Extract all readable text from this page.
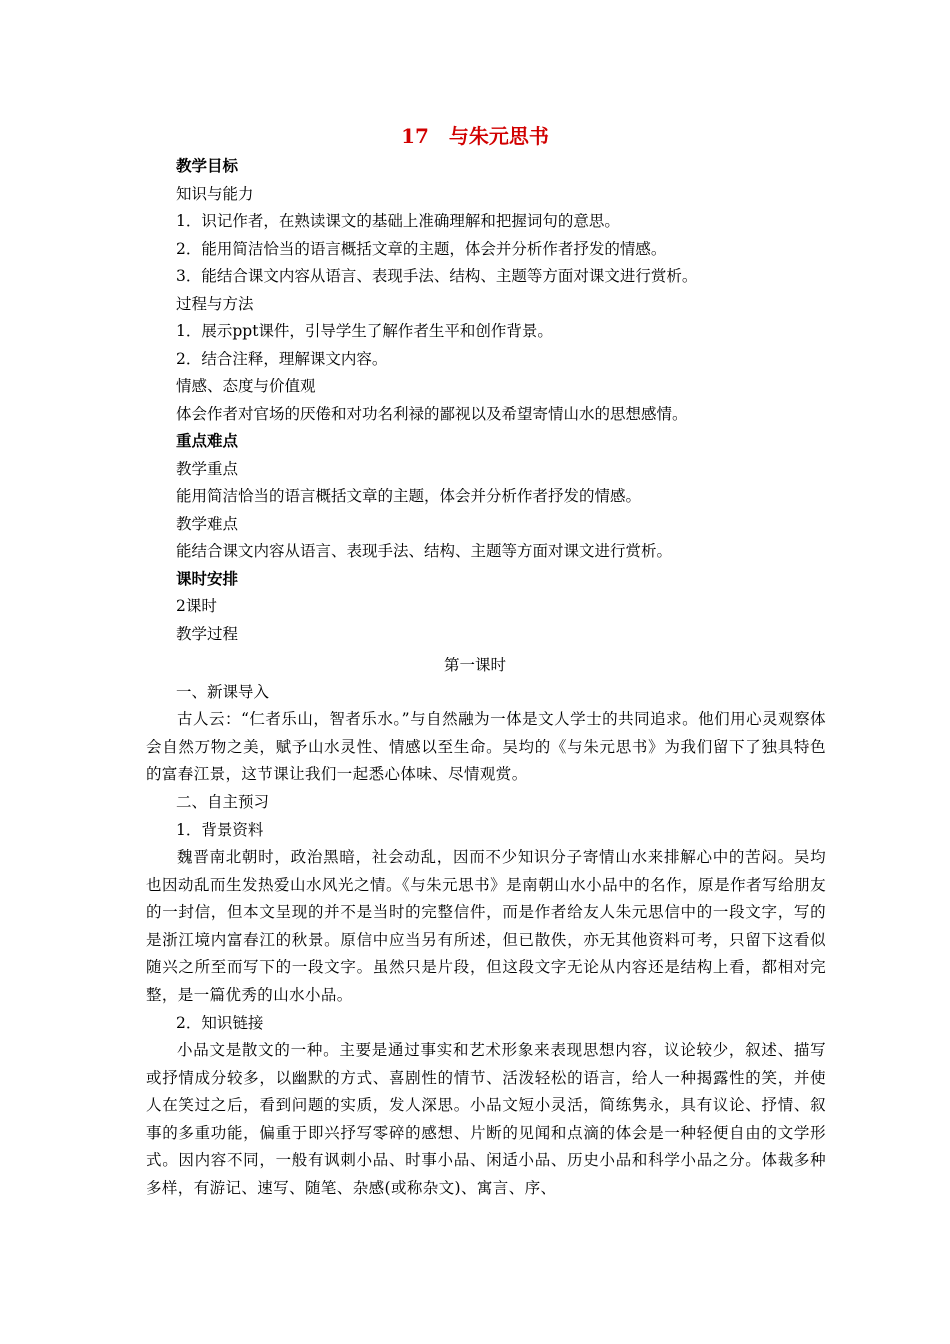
17　与朱元思书
教学目标
知识与能力
1．识记作者，在熟读课文的基础上准确理解和把握词句的意思。
2．能用简洁恰当的语言概括文章的主题，体会并分析作者抒发的情感。
3．能结合课文内容从语言、表现手法、结构、主题等方面对课文进行赏析。
过程与方法
1．展示ppt课件，引导学生了解作者生平和创作背景。
2．结合注释，理解课文内容。
情感、态度与价值观
体会作者对官场的厌倦和对功名利禄的鄙视以及希望寄情山水的思想感情。
重点难点
教学重点
能用简洁恰当的语言概括文章的主题，体会并分析作者抒发的情感。
教学难点
能结合课文内容从语言、表现手法、结构、主题等方面对课文进行赏析。
课时安排
2课时
教学过程
第一课时
一、新课导入
古人云：“仁者乐山，智者乐水。”与自然融为一体是文人学士的共同追求。他们用心灵观察体会自然万物之美，赋予山水灵性、情感以至生命。吴均的《与朱元思书》为我们留下了独具特色的富春江景，这节课让我们一起悉心体味、尽情观赏。
二、自主预习
1．背景资料
魏晋南北朝时，政治黑暗，社会动乱，因而不少知识分子寄情山水来排解心中的苦闷。吴均也因动乱而生发热爱山水风光之情。《与朱元思书》是南朝山水小品中的名作，原是作者写给朋友的一封信，但本文呈现的并不是当时的完整信件，而是作者给友人朱元思信中的一段文字，写的是浙江境内富春江的秋景。原信中应当另有所述，但已散佚，亦无其他资料可考，只留下这看似随兴之所至而写下的一段文字。虽然只是片段，但这段文字无论从内容还是结构上看，都相对完整，是一篇优秀的山水小品。
2．知识链接
小品文是散文的一种。主要是通过事实和艺术形象来表现思想内容，议论较少，叙述、描写或抒情成分较多，以幽默的方式、喜剧性的情节、活泼轻松的语言，给人一种揭露性的笑，并使人在笑过之后，看到问题的实质，发人深思。小品文短小灵活，简练隽永，具有议论、抒情、叙事的多重功能，偏重于即兴抒写零碎的感想、片断的见闻和点滴的体会是一种轻便自由的文学形式。因内容不同，一般有讽刺小品、时事小品、闲适小品、历史小品和科学小品之分。体裁多种多样，有游记、速写、随笔、杂感(或称杂文)、寓言、序、
